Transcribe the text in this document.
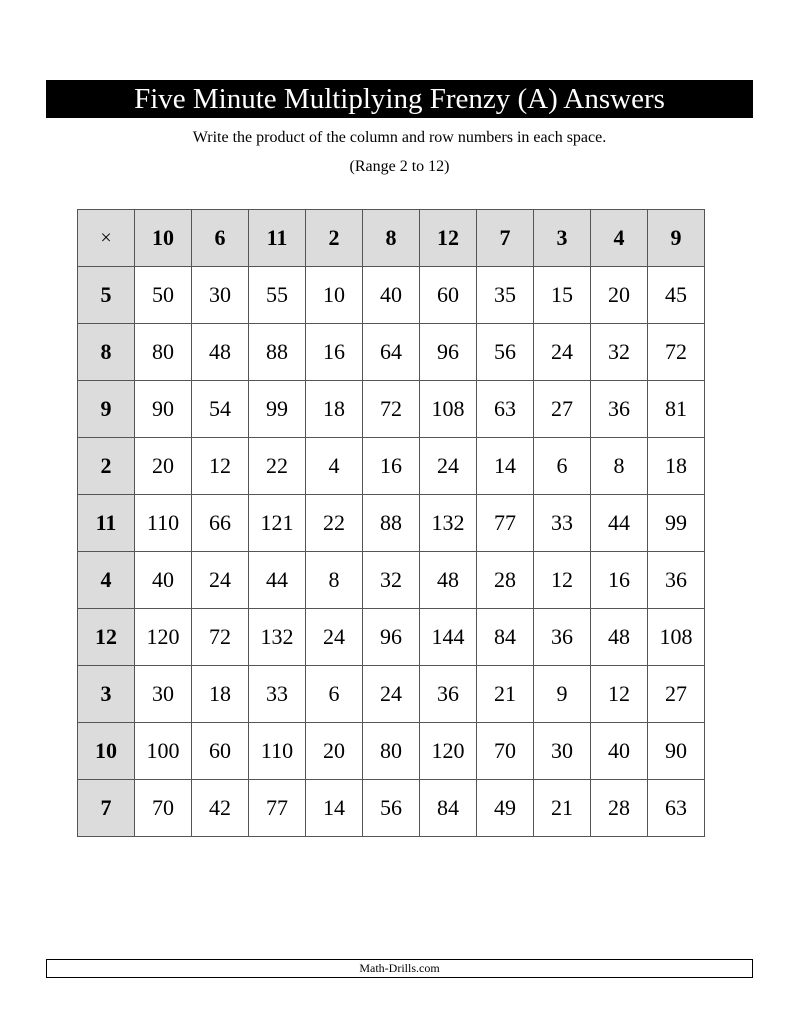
Five Minute Multiplying Frenzy (A) Answers
Write the product of the column and row numbers in each space.
(Range 2 to 12)
×	10	6	11	2	8	12	7	3	4	9
5	50	30	55	10	40	60	35	15	20	45
8	80	48	88	16	64	96	56	24	32	72
9	90	54	99	18	72	108	63	27	36	81
2	20	12	22	4	16	24	14	6	8	18
11	110	66	121	22	88	132	77	33	44	99
4	40	24	44	8	32	48	28	12	16	36
12	120	72	132	24	96	144	84	36	48	108
3	30	18	33	6	24	36	21	9	12	27
10	100	60	110	20	80	120	70	30	40	90
7	70	42	77	14	56	84	49	21	28	63
Math-Drills.com
